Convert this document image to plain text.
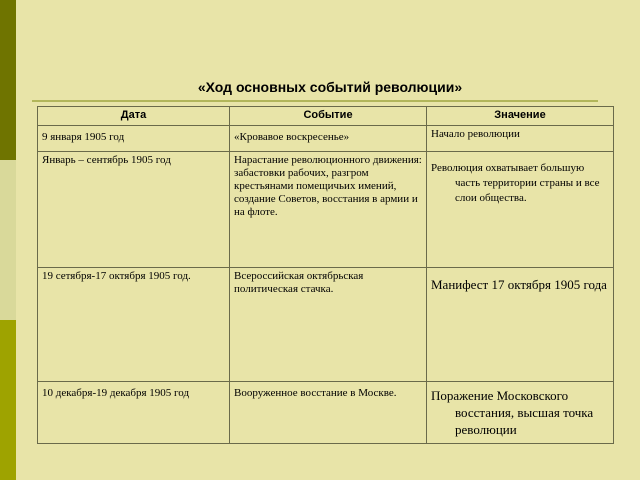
«Ход основных событий революции»
Дата	Событие	Значение
9 января 1905 год	«Кровавое воскресенье»	Начало революции
Январь – сентябрь 1905 год	Нарастание революционного движения: забастовки рабочих, разгром крестьянами помещичьих имений, создание Советов, восстания в армии и на флоте.	Революция охватывает большую часть территории страны и все слои общества.

19 сетября-17 октября 1905 год.	Всероссийская октябрьская политическая стачка.	Манифест 17 октября 1905 года

10 декабря-19 декабря 1905 год	Вооруженное восстание в Москве.	Поражение Московского восстания, высшая точка революции
